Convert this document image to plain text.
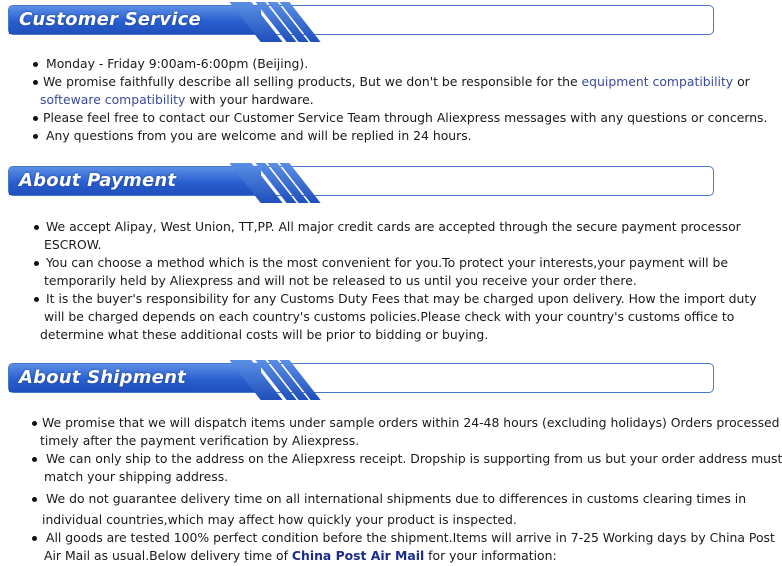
Customer Service
Monday - Friday 9:00am-6:00pm (Beijing).
We promise faithfully describe all selling products, But we don't be responsible for the equipment compatibility or
softeware compatibility with your hardware.
Please feel free to contact our Customer Service Team through Aliexpress messages with any questions or concerns.
Any questions from you are welcome and will be replied in 24 hours.
About Payment
We accept Alipay, West Union, TT,PP. All major credit cards are accepted through the secure payment processor
ESCROW.
You can choose a method which is the most convenient for you.To protect your interests,your payment will be
temporarily held by Aliexpress and will not be released to us until you receive your order there.
It is the buyer's responsibility for any Customs Duty Fees that may be charged upon delivery. How the import duty
will be charged depends on each country's customs policies.Please check with your country's customs office to
determine what these additional costs will be prior to bidding or buying.
About Shipment
We promise that we will dispatch items under sample orders within 24-48 hours (excluding holidays) Orders processed
timely after the payment verification by Aliexpress.
We can only ship to the address on the Aliepxress receipt. Dropship is supporting from us but your order address must
match your shipping address.
We do not guarantee delivery time on all international shipments due to differences in customs clearing times in
individual countries,which may affect how quickly your product is inspected.
All goods are tested 100% perfect condition before the shipment.Items will arrive in 7-25 Working days by China Post
Air Mail as usual.Below delivery time of China Post Air Mail for your information:
